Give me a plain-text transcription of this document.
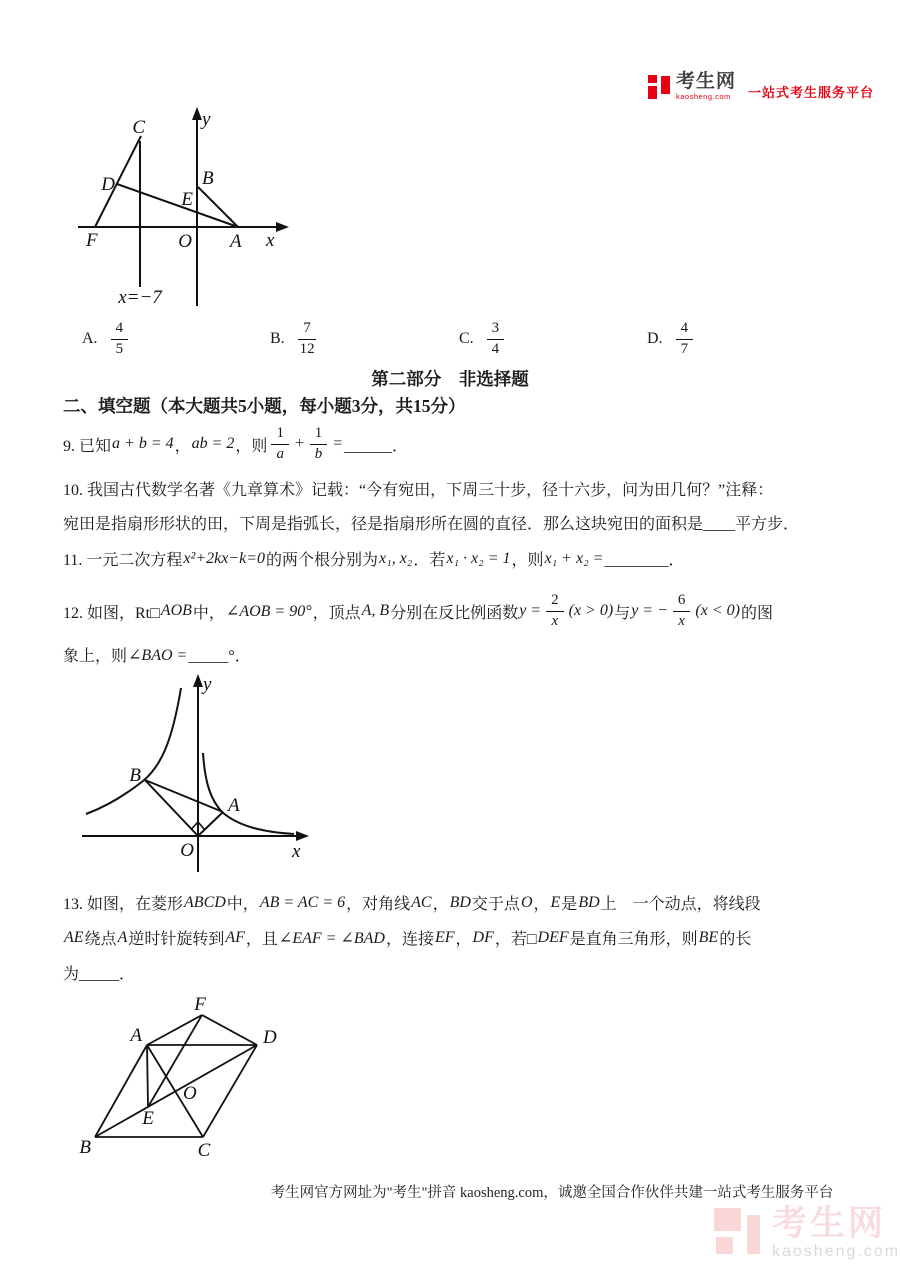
考生网
kaosheng.com	一站式考生服务平台
C
D	B
E
F	O A x
y
x=−7
A. $\frac{4}{5}$	B. $\frac{7}{12}$	C. $\frac{3}{4}$	D. $\frac{4}{7}$
第二部分　非选择题
二、填空题（本大题共5小题，每小题3分，共15分）
9. 已知 a + b = 4 ， ab = 2 ，则 $\frac{1}{a} + \frac{1}{b}$ = ______．
10. 我国古代数学名著《九章算术》记载：“今有宛田，下周三十步，径十六步，问为田几何？”注释：
宛田是指扇形形状的田，下周是指弧长，径是指扇形所在圆的直径．那么这块宛田的面积是____平方步．
11. 一元二次方程 x²+2kx−k=0 的两个根分别为 x₁, x₂ ．若 x₁ · x₂ = 1 ，则 x₁ + x₂ = ________．
12. 如图，Rt□ AOB 中， ∠AOB = 90° ，顶点 A, B 分别在反比例函数 $y = \frac{2}{x} (x > 0)$ 与 y = − $\frac{6}{x} (x < 0)$ 的图
象上，则 ∠BAO = _____°．
B
A
O	x
y
13. 如图，在菱形 ABCD 中， AB = AC = 6 ，对角线 AC ， BD 交于点 O ， E 是 BD 上　一个动点，将线段
AE 绕点 A 逆时针旋转到 AF ，且 ∠EAF = ∠BAD ，连接 EF ， DF ，若□ DEF 是直角三角形，则 BE 的长
为_____．
F
A	D
O
E
B	C
考生网官方网址为"考生"拼音 kaosheng.com，诚邀全国合作伙伴共建一站式考生服务平台
考生网
kaosheng.com
